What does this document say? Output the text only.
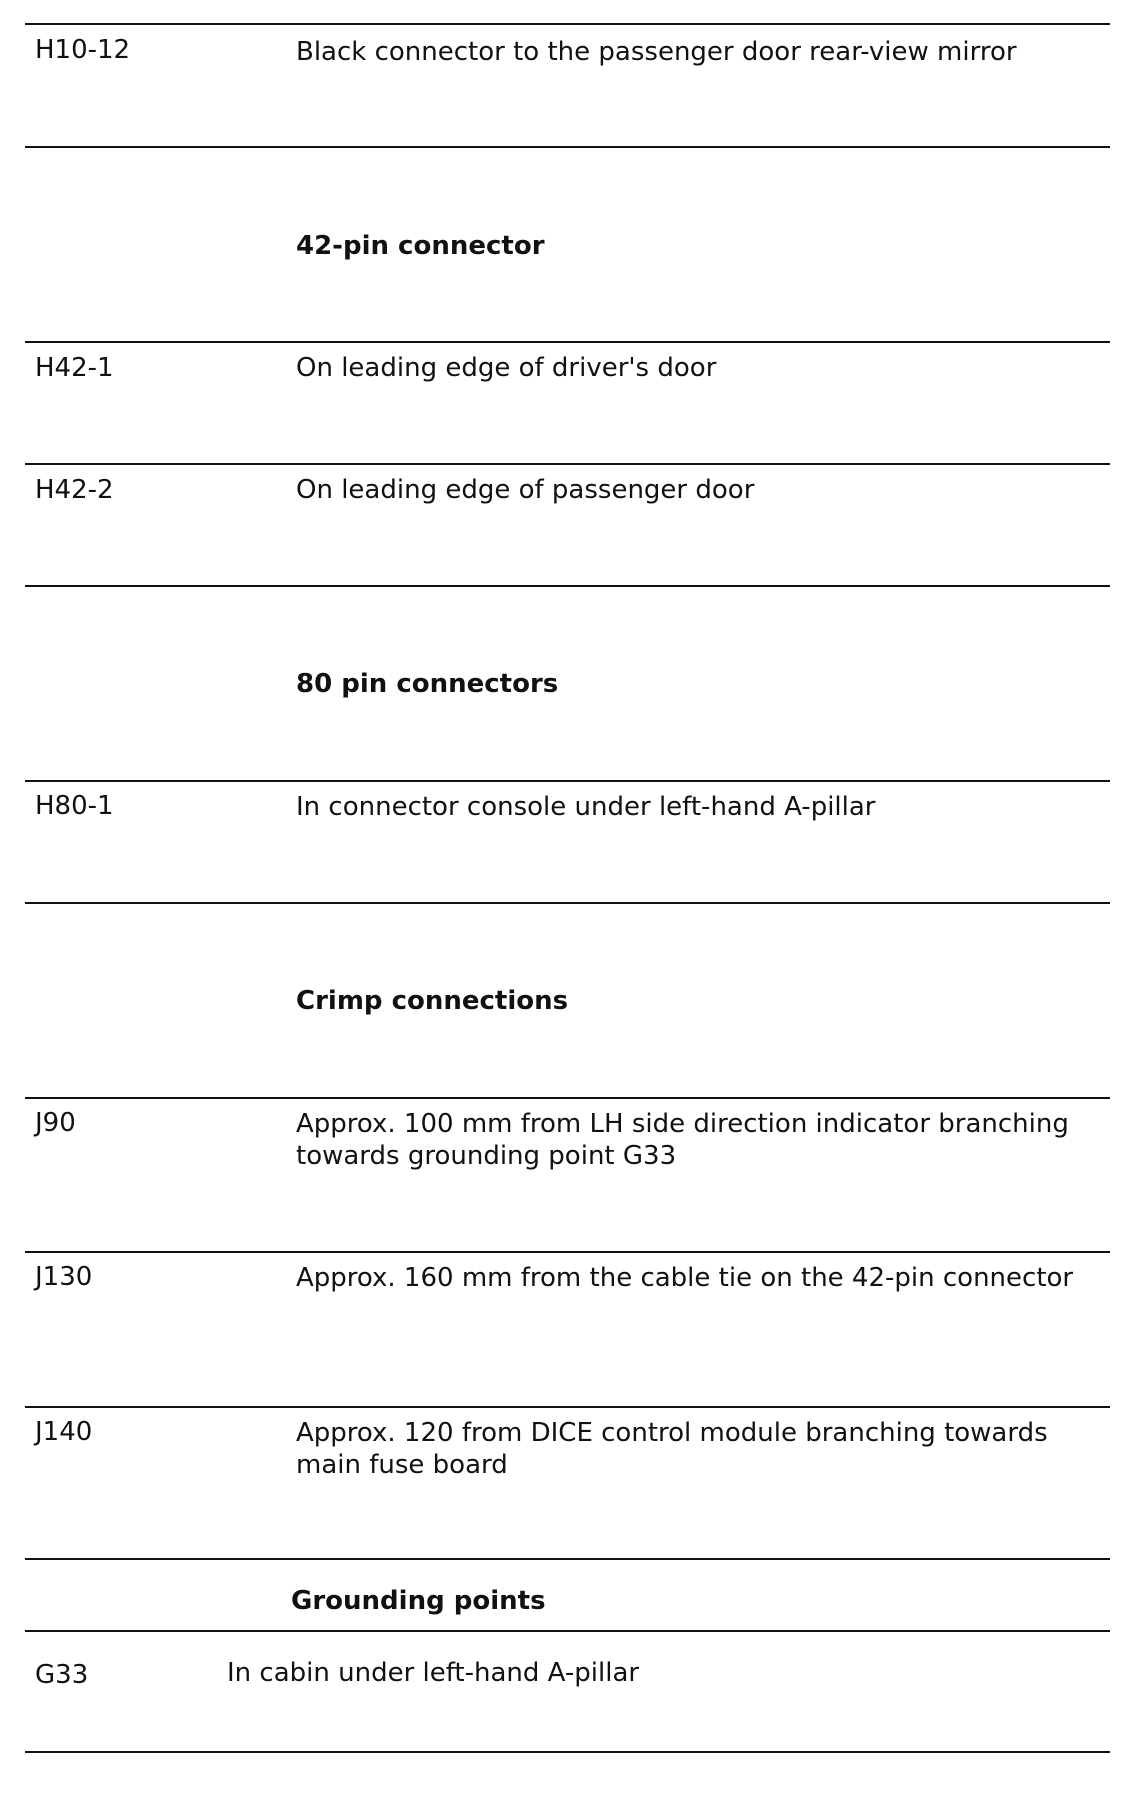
H10-12	Black connector to the passenger door rear-view mirror
42-pin connector
H42-1	On leading edge of driver's door
H42-2	On leading edge of passenger door
80 pin connectors
H80-1	In connector console under left-hand A-pillar
Crimp connections
J90	Approx. 100 mm from LH side direction indicator branching towards grounding point G33
J130	Approx. 160 mm from the cable tie on the 42-pin connector
J140	Approx. 120 from DICE control module branching towards main fuse board
Grounding points
G33	In cabin under left-hand A-pillar
